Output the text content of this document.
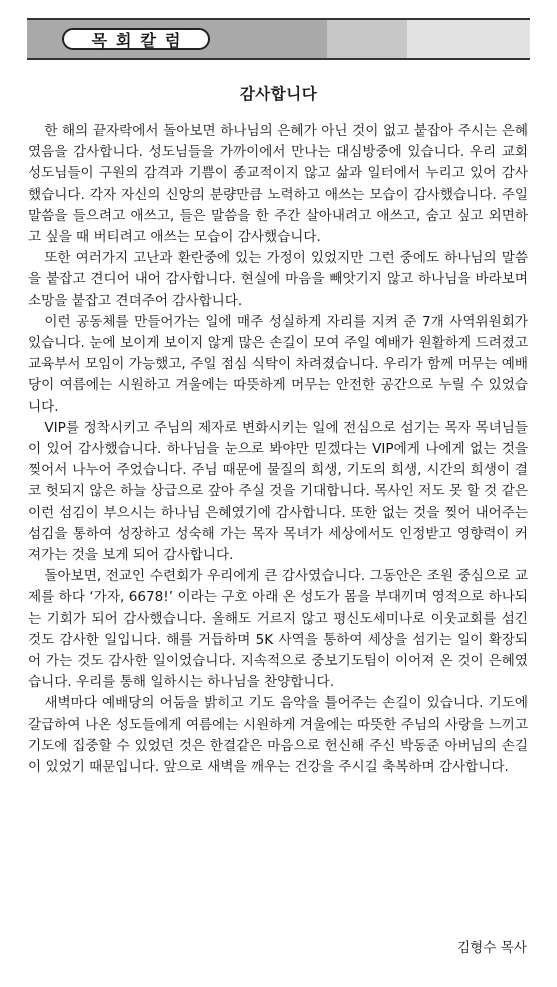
목회칼럼
감사합니다

한 해의 끝자락에서 돌아보면 하나님의 은혜가 아닌 것이 없고 붙잡아 주시는 은혜였음을 감사합니다. 성도님들을 가까이에서 만나는 대심방중에 있습니다. 우리 교회 성도님들이 구원의 감격과 기쁨이 종교적이지 않고 삶과 일터에서 누리고 있어 감사했습니다. 각자 자신의 신앙의 분량만큼 노력하고 애쓰는 모습이 감사했습니다. 주일 말씀을 들으려고 애쓰고, 들은 말씀을 한 주간 살아내려고 애쓰고, 숨고 싶고 외면하고 싶을 때 버티려고 애쓰는 모습이 감사했습니다.

또한 여러가지 고난과 환란중에 있는 가정이 있었지만 그런 중에도 하나님의 말씀을 붙잡고 견디어 내어 감사합니다. 현실에 마음을 빼앗기지 않고 하나님을 바라보며 소망을 붙잡고 견뎌주어 감사합니다.

이런 공동체를 만들어가는 일에 매주 성실하게 자리를 지켜 준 7개 사역위원회가 있습니다. 눈에 보이게 보이지 않게 많은 손길이 모여 주일 예배가 원활하게 드려졌고 교육부서 모임이 가능했고, 주일 점심 식탁이 차려졌습니다. 우리가 함께 머무는 예배당이 여름에는 시원하고 겨울에는 따뜻하게 머무는 안전한 공간으로 누릴 수 있었습니다.

VIP를 정착시키고 주님의 제자로 변화시키는 일에 전심으로 섬기는 목자 목녀님들이 있어 감사했습니다. 하나님을 눈으로 봐야만 믿겠다는 VIP에게 나에게 없는 것을 찢어서 나누어 주었습니다. 주님 때문에 물질의 희생, 기도의 희생, 시간의 희생이 결코 헛되지 않은 하늘 상급으로 갚아 주실 것을 기대합니다. 목사인 저도 못 할 것 같은 이런 섬김이 부으시는 하나님 은혜였기에 감사합니다. 또한 없는 것을 찢어 내어주는 섬김을 통하여 성장하고 성숙해 가는 목자 목녀가 세상에서도 인정받고 영향력이 커져가는 것을 보게 되어 감사합니다.

돌아보면, 전교인 수련회가 우리에게 큰 감사였습니다. 그동안은 조원 중심으로 교제를 하다 ‘가자, 6678!’ 이라는 구호 아래 온 성도가 몸을 부대끼며 영적으로 하나되는 기회가 되어 감사했습니다. 올해도 거르지 않고 평신도세미나로 이웃교회를 섬긴 것도 감사한 일입니다. 해를 거듭하며 5K 사역을 통하여 세상을 섬기는 일이 확장되어 가는 것도 감사한 일이었습니다. 지속적으로 중보기도팀이 이어져 온 것이 은혜였습니다. 우리를 통해 일하시는 하나님을 찬양합니다.

새벽마다 예배당의 어둠을 밝히고 기도 음악을 틀어주는 손길이 있습니다. 기도에 갈급하여 나온 성도들에게 여름에는 시원하게 겨울에는 따뜻한 주님의 사랑을 느끼고 기도에 집중할 수 있었던 것은 한결같은 마음으로 헌신해 주신 박동준 아버님의 손길이 있었기 때문입니다. 앞으로 새벽을 깨우는 건강을 주시길 축복하며 감사합니다.

김형수 목사
